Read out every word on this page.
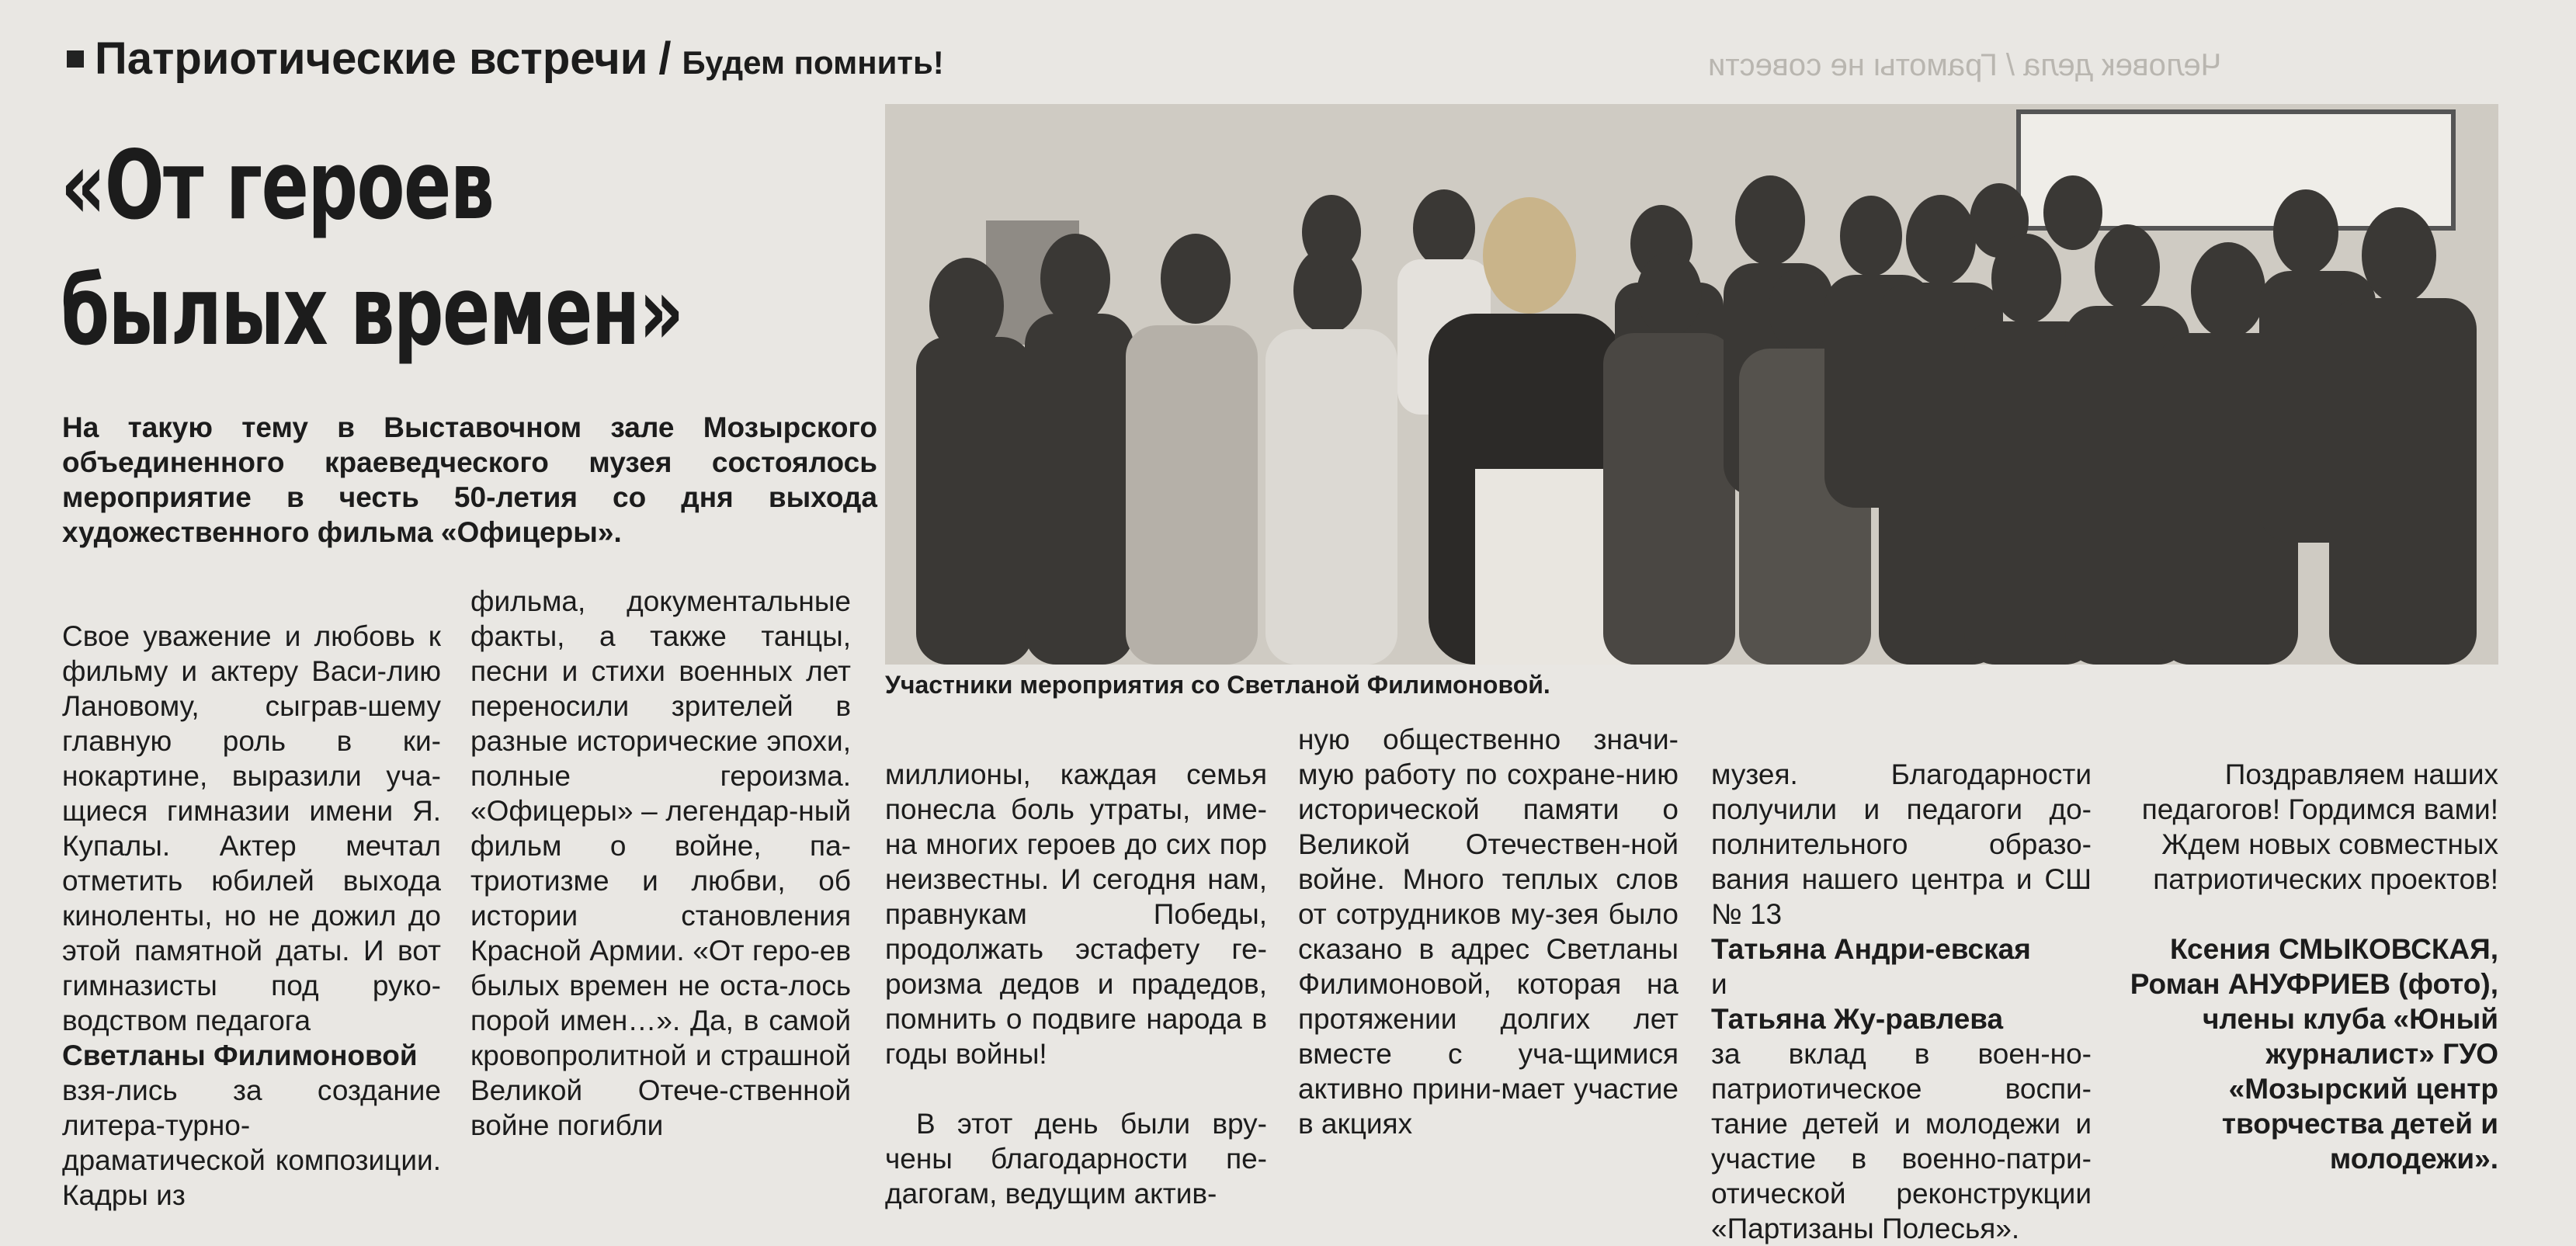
Человек дела / Грамоты не совести
Патриотические встречи / Будем помнить!
«От героев
былых времен»
На такую тему в Выставочном зале Мозырского объединенного краеведческого музея состоялось мероприятие в честь 50-летия со дня выхода художественного фильма «Офицеры».
Участники мероприятия со Светланой Филимоновой.

Свое уважение и любовь к фильму и актеру Васи-лию Лановому, сыграв-шему главную роль в ки-нокартине, выразили уча-щиеся гимназии имени Я. Купалы. Актер мечтал отметить юбилей выхода киноленты, но не дожил до этой памятной даты. И вот гимназисты под руко-водством педагога
Светланы Филимоновой
взя-лись за создание литера-турно-драматической композиции. Кадры из

фильма, документальные факты, а также танцы, песни и стихи военных лет переносили зрителей в разные исторические эпохи, полные героизма. «Офицеры» – легендар-ный фильм о войне, па-триотизме и любви, об истории становления Красной Армии. «От геро-ев былых времен не оста-лось порой имен…». Да, в самой кровопролитной и страшной Великой Отече-ственной войне погибли

миллионы, каждая семья понесла боль утраты, име-на многих героев до сих пор неизвестны. И сегодня нам, правнукам Победы, продолжать эстафету ге-роизма дедов и прадедов, помнить о подвиге народа в годы войны!

В этот день были вру-чены благодарности пе-дагогам, ведущим актив-

ную общественно значи-мую работу по сохране-нию исторической памяти о Великой Отечествен-ной войне. Много теплых слов от сотрудников му-зея было сказано в адрес Светланы Филимоновой, которая на протяжении долгих лет вместе с уча-щимися активно прини-мает участие в акциях

музея. Благодарности получили и педагоги до-полнительного образо-вания нашего центра и СШ № 13
Татьяна Андри-евская
и
Татьяна Жу-равлева
за вклад в воен-но-патриотическое воспи-тание детей и молодежи и участие в военно-патри-отической реконструкции «Партизаны Полесья».

Поздравляем наших педагогов! Гордимся вами! Ждем новых совместных патриотических проектов!

Ксения СМЫКОВСКАЯ, Роман АНУФРИЕВ (фото), члены клуба «Юный журналист» ГУО «Мозырский центр творчества детей и молодежи».
